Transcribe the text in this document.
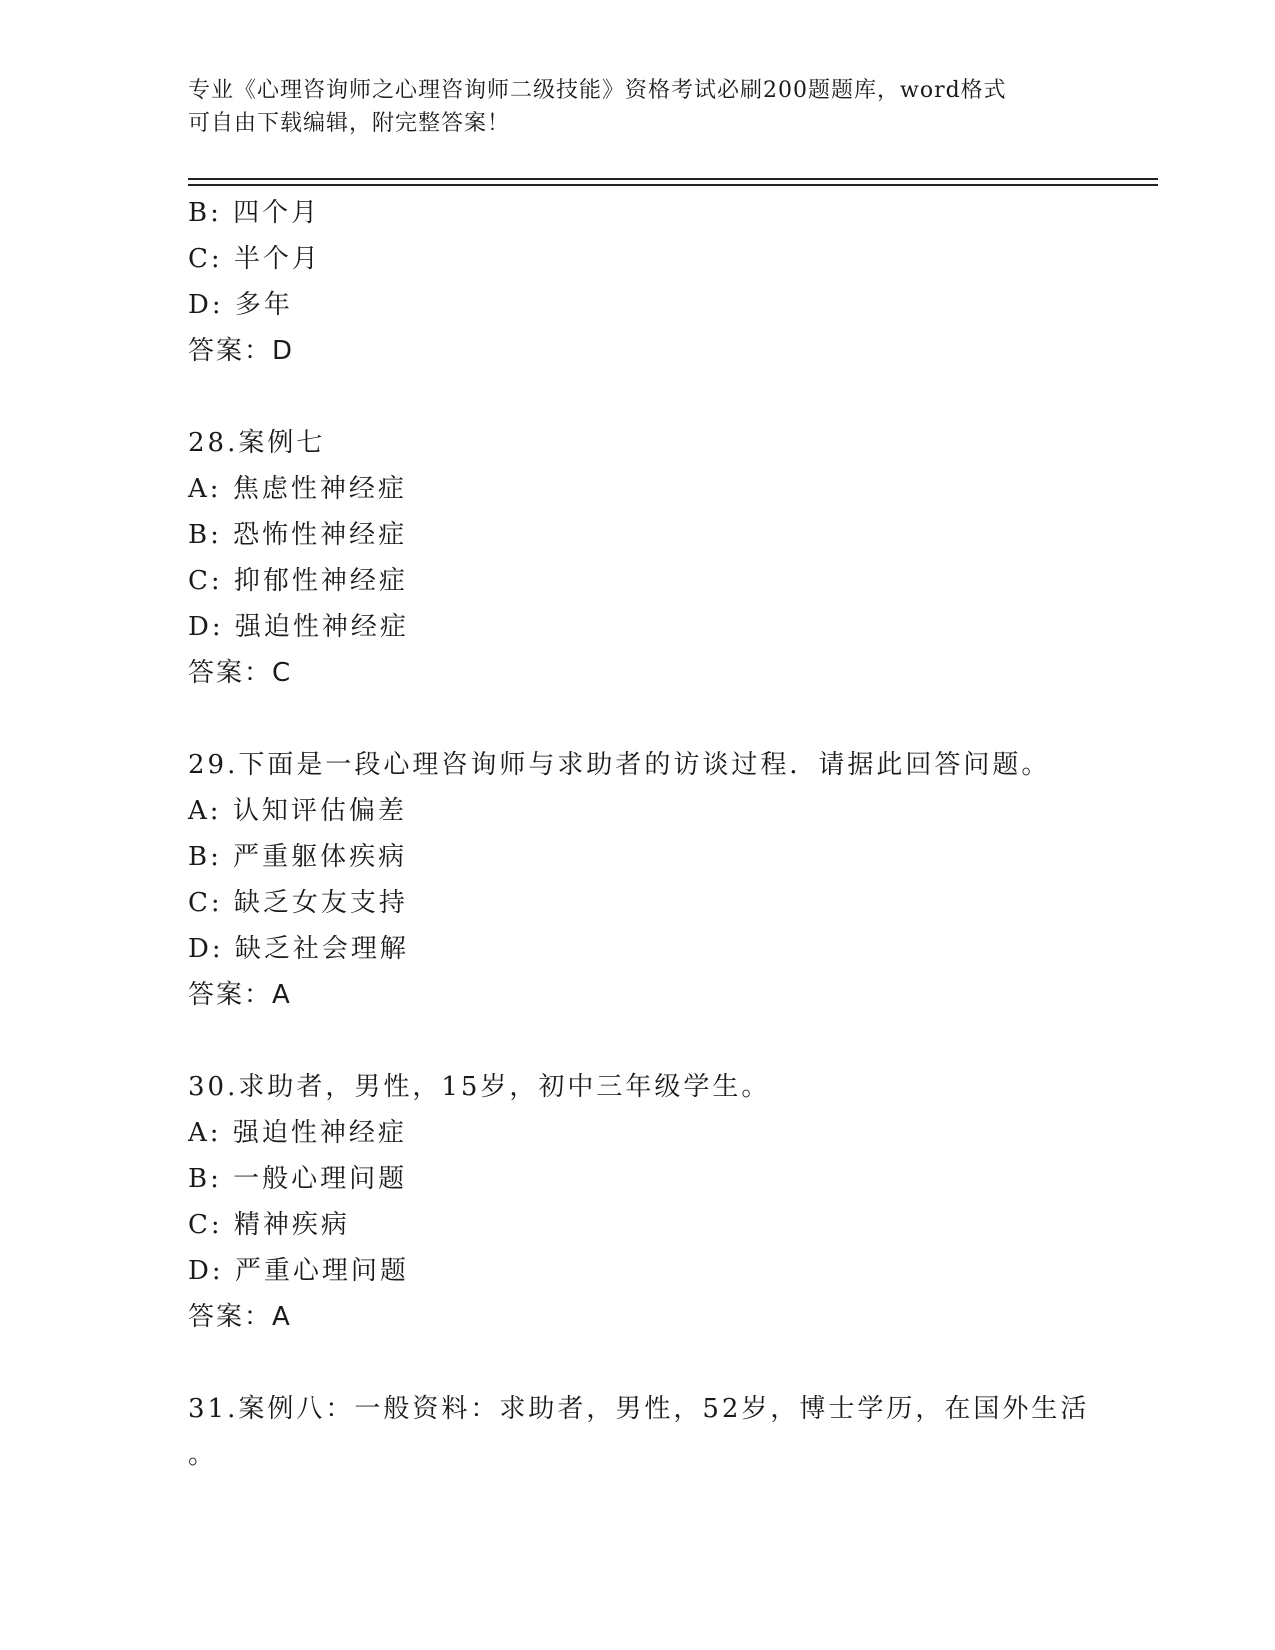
专业《心理咨询师之心理咨询师二级技能》资格考试必刷200题题库，word格式
可自由下载编辑，附完整答案！
B: 四个月
C: 半个月
D: 多年
答案：D
28.案例七
A: 焦虑性神经症
B: 恐怖性神经症
C: 抑郁性神经症
D: 强迫性神经症
答案：C
29.下面是一段心理咨询师与求助者的访谈过程．请据此回答问题。
A: 认知评估偏差
B: 严重躯体疾病
C: 缺乏女友支持
D: 缺乏社会理解
答案：A
30.求助者，男性，15岁，初中三年级学生。
A: 强迫性神经症
B: 一般心理问题
C: 精神疾病
D: 严重心理问题
答案：A
31.案例八：一般资料：求助者，男性，52岁，博士学历，在国外生活
。
